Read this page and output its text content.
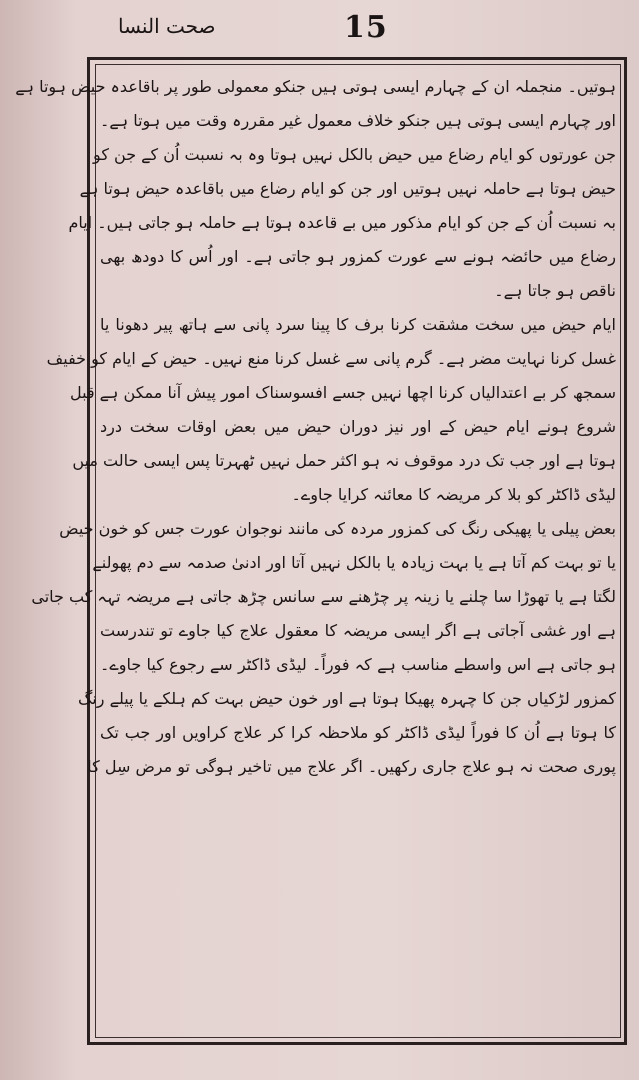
15
صحت النسا
ہوتیں۔ منجملہ ان کے چہارم ایسی ہوتی ہیں جنکو معمولی طور پر باقاعدہ حیض ہوتا ہے
اور چہارم ایسی ہوتی ہیں جنکو خلاف معمول غیر مقررہ وقت میں ہوتا ہے۔
جن عورتوں کو ایام رضاع میں حیض بالکل نہیں ہوتا وہ بہ نسبت اُن کے جن کو
حیض ہوتا ہے حاملہ نہیں ہوتیں اور جن کو ایام رضاع میں باقاعدہ حیض ہوتا ہے
بہ نسبت اُن کے جن کو ایام مذکور میں بے قاعدہ ہوتا ہے حاملہ ہو جاتی ہیں۔ ایام
رضاع میں حائضہ ہونے سے عورت کمزور ہو جاتی ہے۔ اور اُس کا دودھ بھی
ناقص ہو جاتا ہے۔
ایام حیض میں سخت مشقت کرنا برف کا پینا سرد پانی سے ہاتھ پیر دھونا یا
غسل کرنا نہایت مضر ہے۔ گرم پانی سے غسل کرنا منع نہیں۔ حیض کے ایام کو خفیف
سمجھ کر بے اعتدالیاں کرنا اچھا نہیں جسے افسوسناک امور پیش آنا ممکن ہے قبل
شروع ہونے ایام حیض کے اور نیز دوران حیض میں بعض اوقات سخت درد
ہوتا ہے اور جب تک درد موقوف نہ ہو اکثر حمل نہیں ٹھہرتا پس ایسی حالت میں
لیڈی ڈاکٹر کو بلا کر مریضہ کا معائنہ کرایا جاوے۔
بعض پیلی یا پھیکی رنگ کی کمزور مردہ کی مانند نوجوان عورت جس کو خون حیض
یا تو بہت کم آتا ہے یا بہت زیادہ یا بالکل نہیں آتا اور ادنیٰ صدمہ سے دم پھولنے
لگتا ہے یا تھوڑا سا چلنے یا زینہ پر چڑھنے سے سانس چڑھ جاتی ہے مریضہ تہہ کب جاتی
ہے اور غشی آجاتی ہے اگر ایسی مریضہ کا معقول علاج کیا جاوے تو تندرست
ہو جاتی ہے اس واسطے مناسب ہے کہ فوراً۔ لیڈی ڈاکٹر سے رجوع کیا جاوے۔
کمزور لڑکیاں جن کا چہرہ پھیکا ہوتا ہے اور خون حیض بہت کم ہلکے یا پیلے رنگ
کا ہوتا ہے اُن کا فوراً لیڈی ڈاکٹر کو ملاحظہ کرا کر علاج کراویں اور جب تک
پوری صحت نہ ہو علاج جاری رکھیں۔ اگر علاج میں تاخیر ہوگی تو مرض سِل کا
